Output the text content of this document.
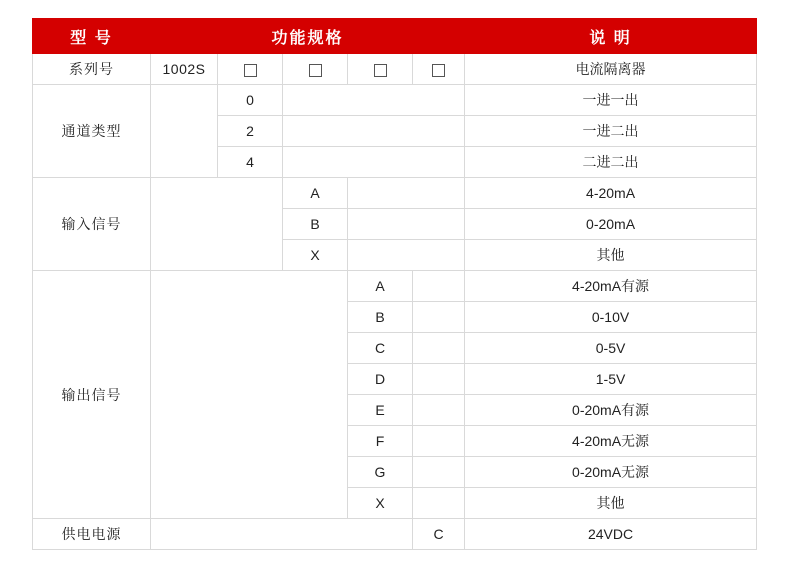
型 号	功能规格					说 明
系列号	1002S					电流隔离器
通道类型		0				一进一出
		2				一进二出
		4				二进二出
输入信号			A			4-20mA
			B			0-20mA
			X			其他
输出信号				A		4-20mA有源
				B		0-10V
				C		0-5V
				D		1-5V
				E		0-20mA有源
				F		4-20mA无源
				G		0-20mA无源
				X		其他
供电电源					C	24VDC
